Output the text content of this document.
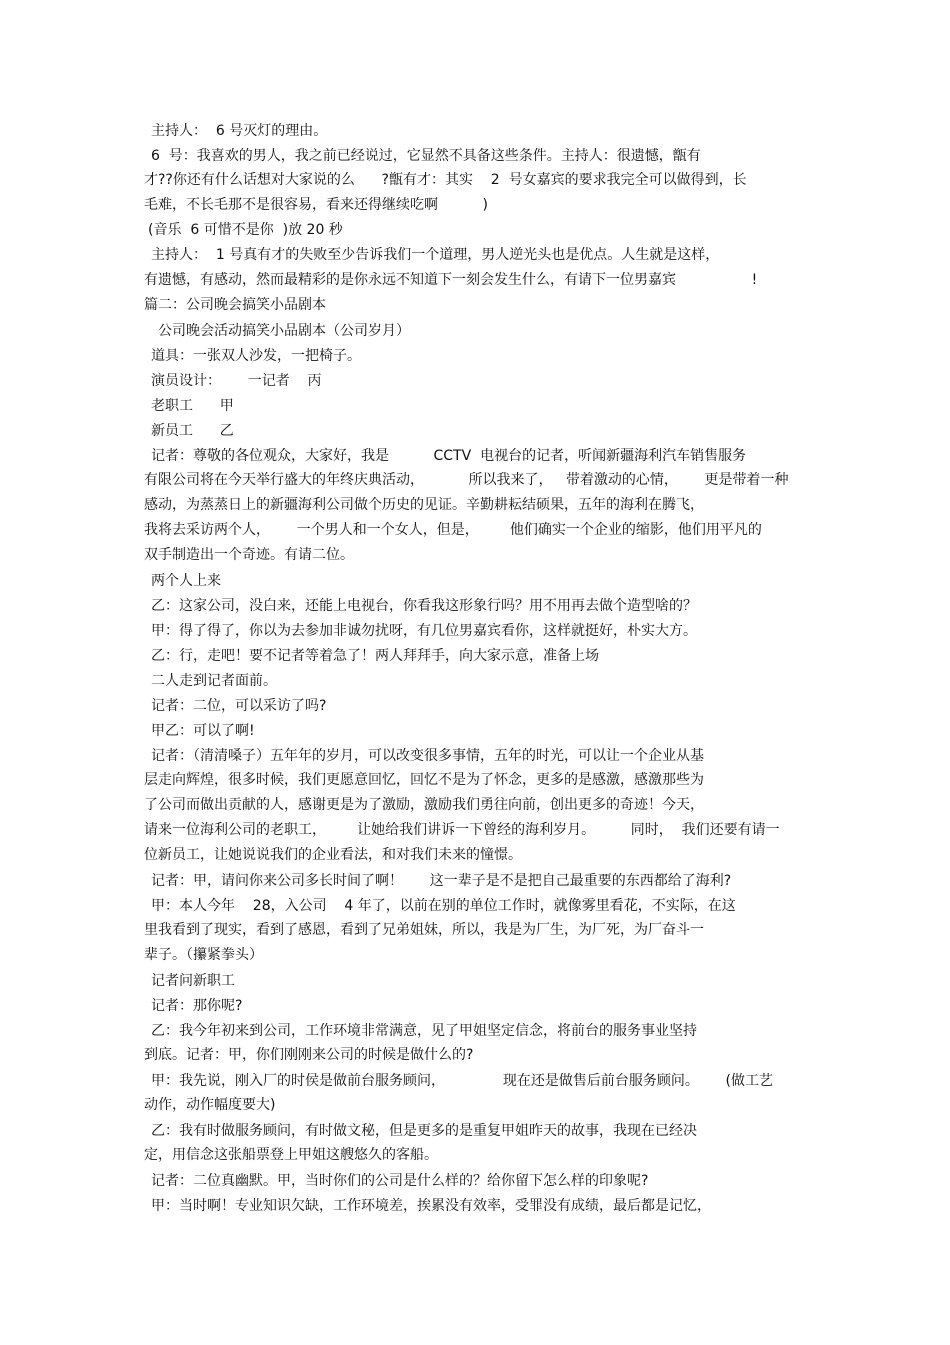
主持人：  6 号灭灯的理由。
6  号：我喜欢的男人，我之前已经说过，它显然不具备这些条件。主持人：很遗憾，甑有
才??你还有什么话想对大家说的么      ?甑有才：其实    2  号女嘉宾的要求我完全可以做得到，长
毛难，不长毛那不是很容易，看来还得继续吃啊          )
(音乐  6 可惜不是你  )放 20 秒
主持人：  1 号真有才的失败至少告诉我们一个道理，男人逆光头也是优点。人生就是这样，
有遗憾，有感动，然而最精彩的是你永远不知道下一刻会发生什么，有请下一位男嘉宾                 !
篇二：公司晚会搞笑小品剧本
公司晚会活动搞笑小品剧本（公司岁月）
道具：一张双人沙发，一把椅子。
演员设计：      一记者    丙
老职工      甲
新员工      乙
记者：尊敬的各位观众，大家好，我是          CCTV  电视台的记者，听闻新疆海利汽车销售服务
有限公司将在今天举行盛大的年终庆典活动，          所以我来了，   带着激动的心情，      更是带着一种
感动，为蒸蒸日上的新疆海利公司做个历史的见证。辛勤耕耘结硕果，五年的海利在腾飞，
我将去采访两个人，      一个男人和一个女人，但是，       他们确实一个企业的缩影，他们用平凡的
双手制造出一个奇迹。有请二位。
两个人上来
乙：这家公司，没白来，还能上电视台，你看我这形象行吗？用不用再去做个造型啥的？
甲：得了得了，你以为去参加非诚勿扰呀，有几位男嘉宾看你，这样就挺好，朴实大方。
乙：行，走吧！要不记者等着急了！两人拜拜手，向大家示意，准备上场
二人走到记者面前。
记者：二位，可以采访了吗?
甲乙：可以了啊!
记者：（清清嗓子）五年年的岁月，可以改变很多事情，五年的时光，可以让一个企业从基
层走向辉煌，很多时候，我们更愿意回忆，回忆不是为了怀念，更多的是感激，感激那些为
了公司而做出贡献的人，感谢更是为了激励，激励我们勇往向前，创出更多的奇迹！今天，
请来一位海利公司的老职工，       让她给我们讲诉一下曾经的海利岁月。        同时，  我们还要有请一
位新员工，让她说说我们的企业看法，和对我们未来的憧憬。
记者：甲，请问你来公司多长时间了啊！      这一辈子是不是把自己最重要的东西都给了海利?
甲：本人今年    28，入公司    4 年了，以前在别的单位工作时，就像雾里看花，不实际，在这
里我看到了现实，看到了感恩，看到了兄弟姐妹，所以，我是为厂生，为厂死，为厂奋斗一
辈子。（攥紧拳头）
记者问新职工
记者：那你呢?
乙：我今年初来到公司，工作环境非常满意，见了甲姐坚定信念，将前台的服务事业坚持
到底。记者：甲，你们刚刚来公司的时候是做什么的?
甲：我先说，刚入厂的时侯是做前台服务顾问，             现在还是做售后前台服务顾问。      (做工艺
动作，动作幅度要大)
乙：我有时做服务顾问，有时做文秘，但是更多的是重复甲姐昨天的故事，我现在已经决
定，用信念这张船票登上甲姐这艘悠久的客船。
记者：二位真幽默。甲，当时你们的公司是什么样的？给你留下怎么样的印象呢?
甲：当时啊！专业知识欠缺，工作环境差，挨累没有效率，受罪没有成绩，最后都是记忆，
